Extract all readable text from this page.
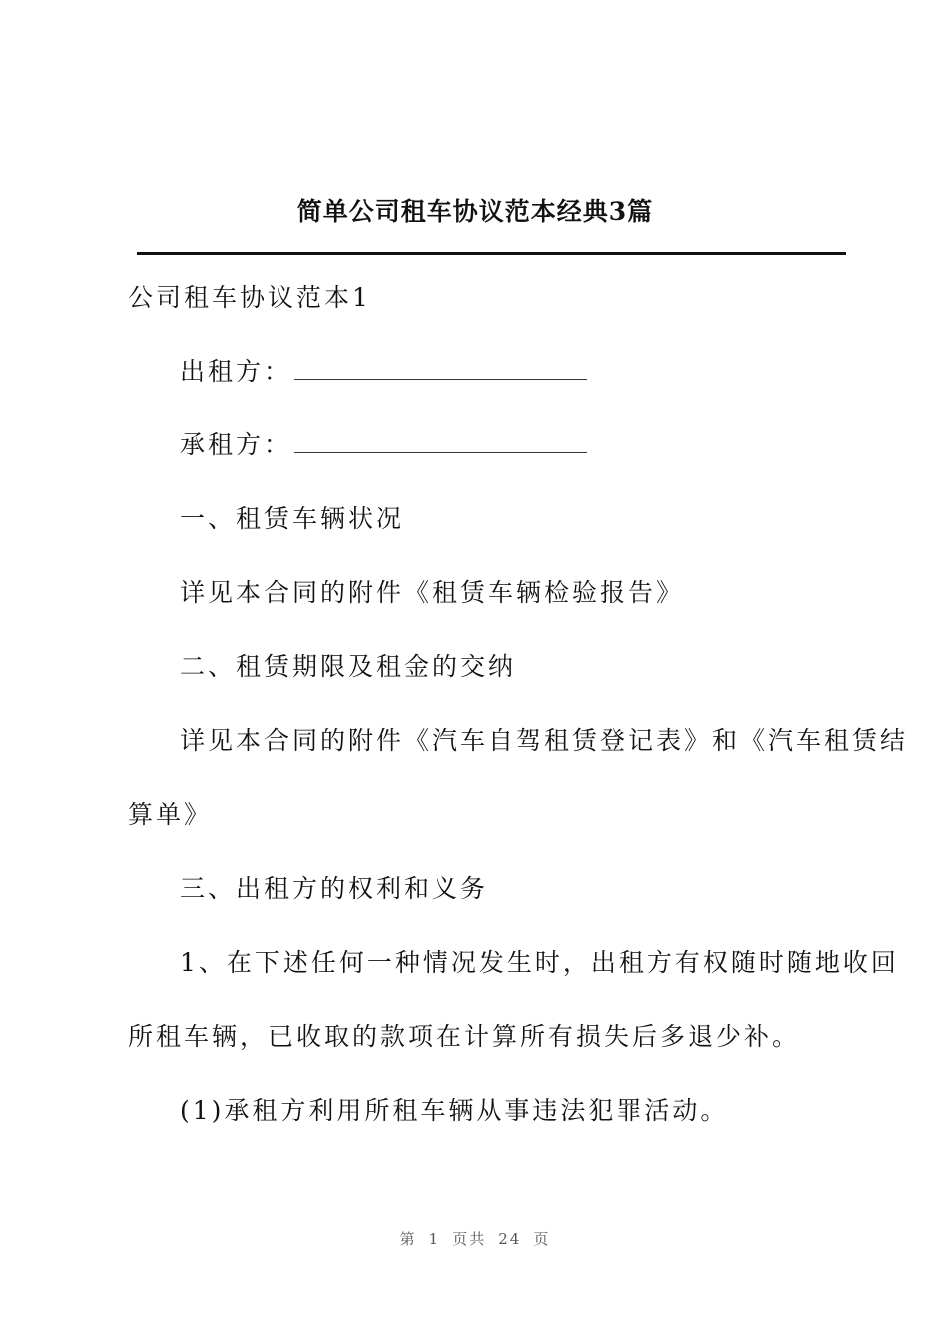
简单公司租车协议范本经典3篇
公司租车协议范本1
出租方：
承租方：
一、租赁车辆状况
详见本合同的附件《租赁车辆检验报告》
二、租赁期限及租金的交纳
详见本合同的附件《汽车自驾租赁登记表》和《汽车租赁结
算单》
三、出租方的权利和义务
1、在下述任何一种情况发生时，出租方有权随时随地收回
所租车辆，已收取的款项在计算所有损失后多退少补。
(1)承租方利用所租车辆从事违法犯罪活动。
第 1 页共 24 页
